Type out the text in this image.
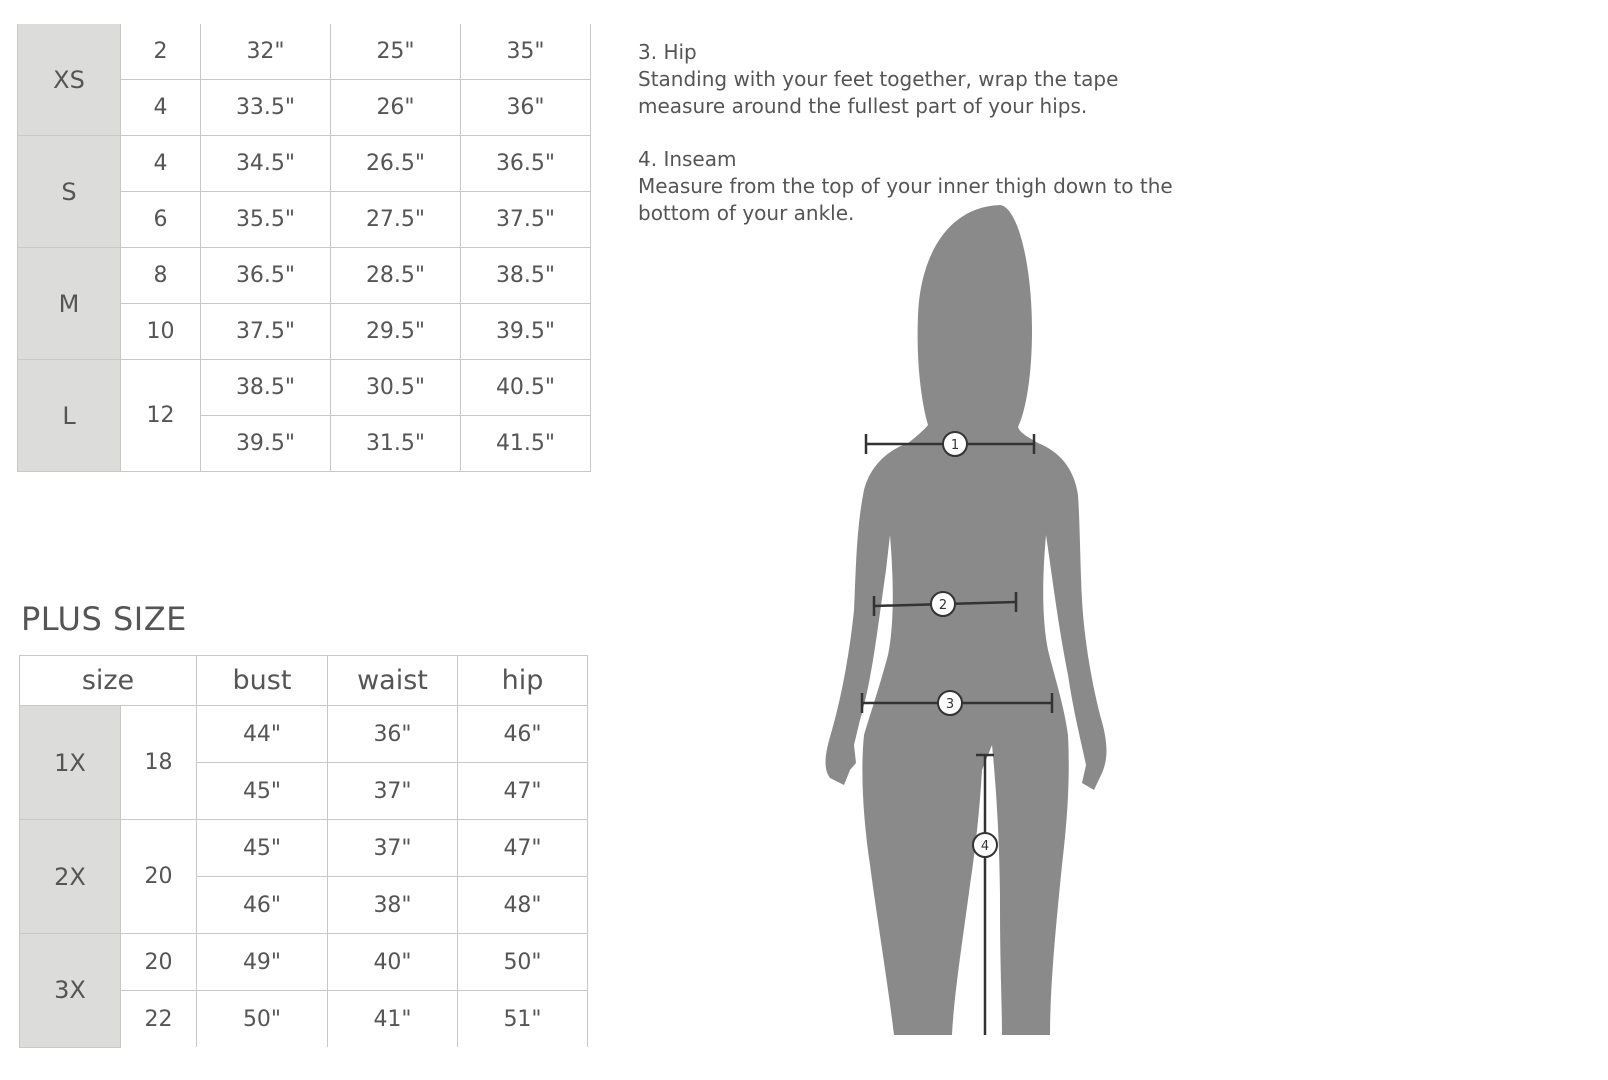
XS	2	32"	25"	35"
	4	33.5"	26"	36"
S	4	34.5"	26.5"	36.5"
	6	35.5"	27.5"	37.5"
M	8	36.5"	28.5"	38.5"
	10	37.5"	29.5"	39.5"
L	12	38.5"	30.5"	40.5"
		39.5"	31.5"	41.5"
PLUS SIZE
size		bust	waist	hip
1X	18	44"	36"	46"
		45"	37"	47"
2X	20	45"	37"	47"
		46"	38"	48"
3X	20	49"	40"	50"
	22	50"	41"	51"
3. Hip
Standing with your feet together, wrap the tape measure around the fullest part of your hips.
4. Inseam
Measure from the top of your inner thigh down to the bottom of your ankle.
1
2
3
4
